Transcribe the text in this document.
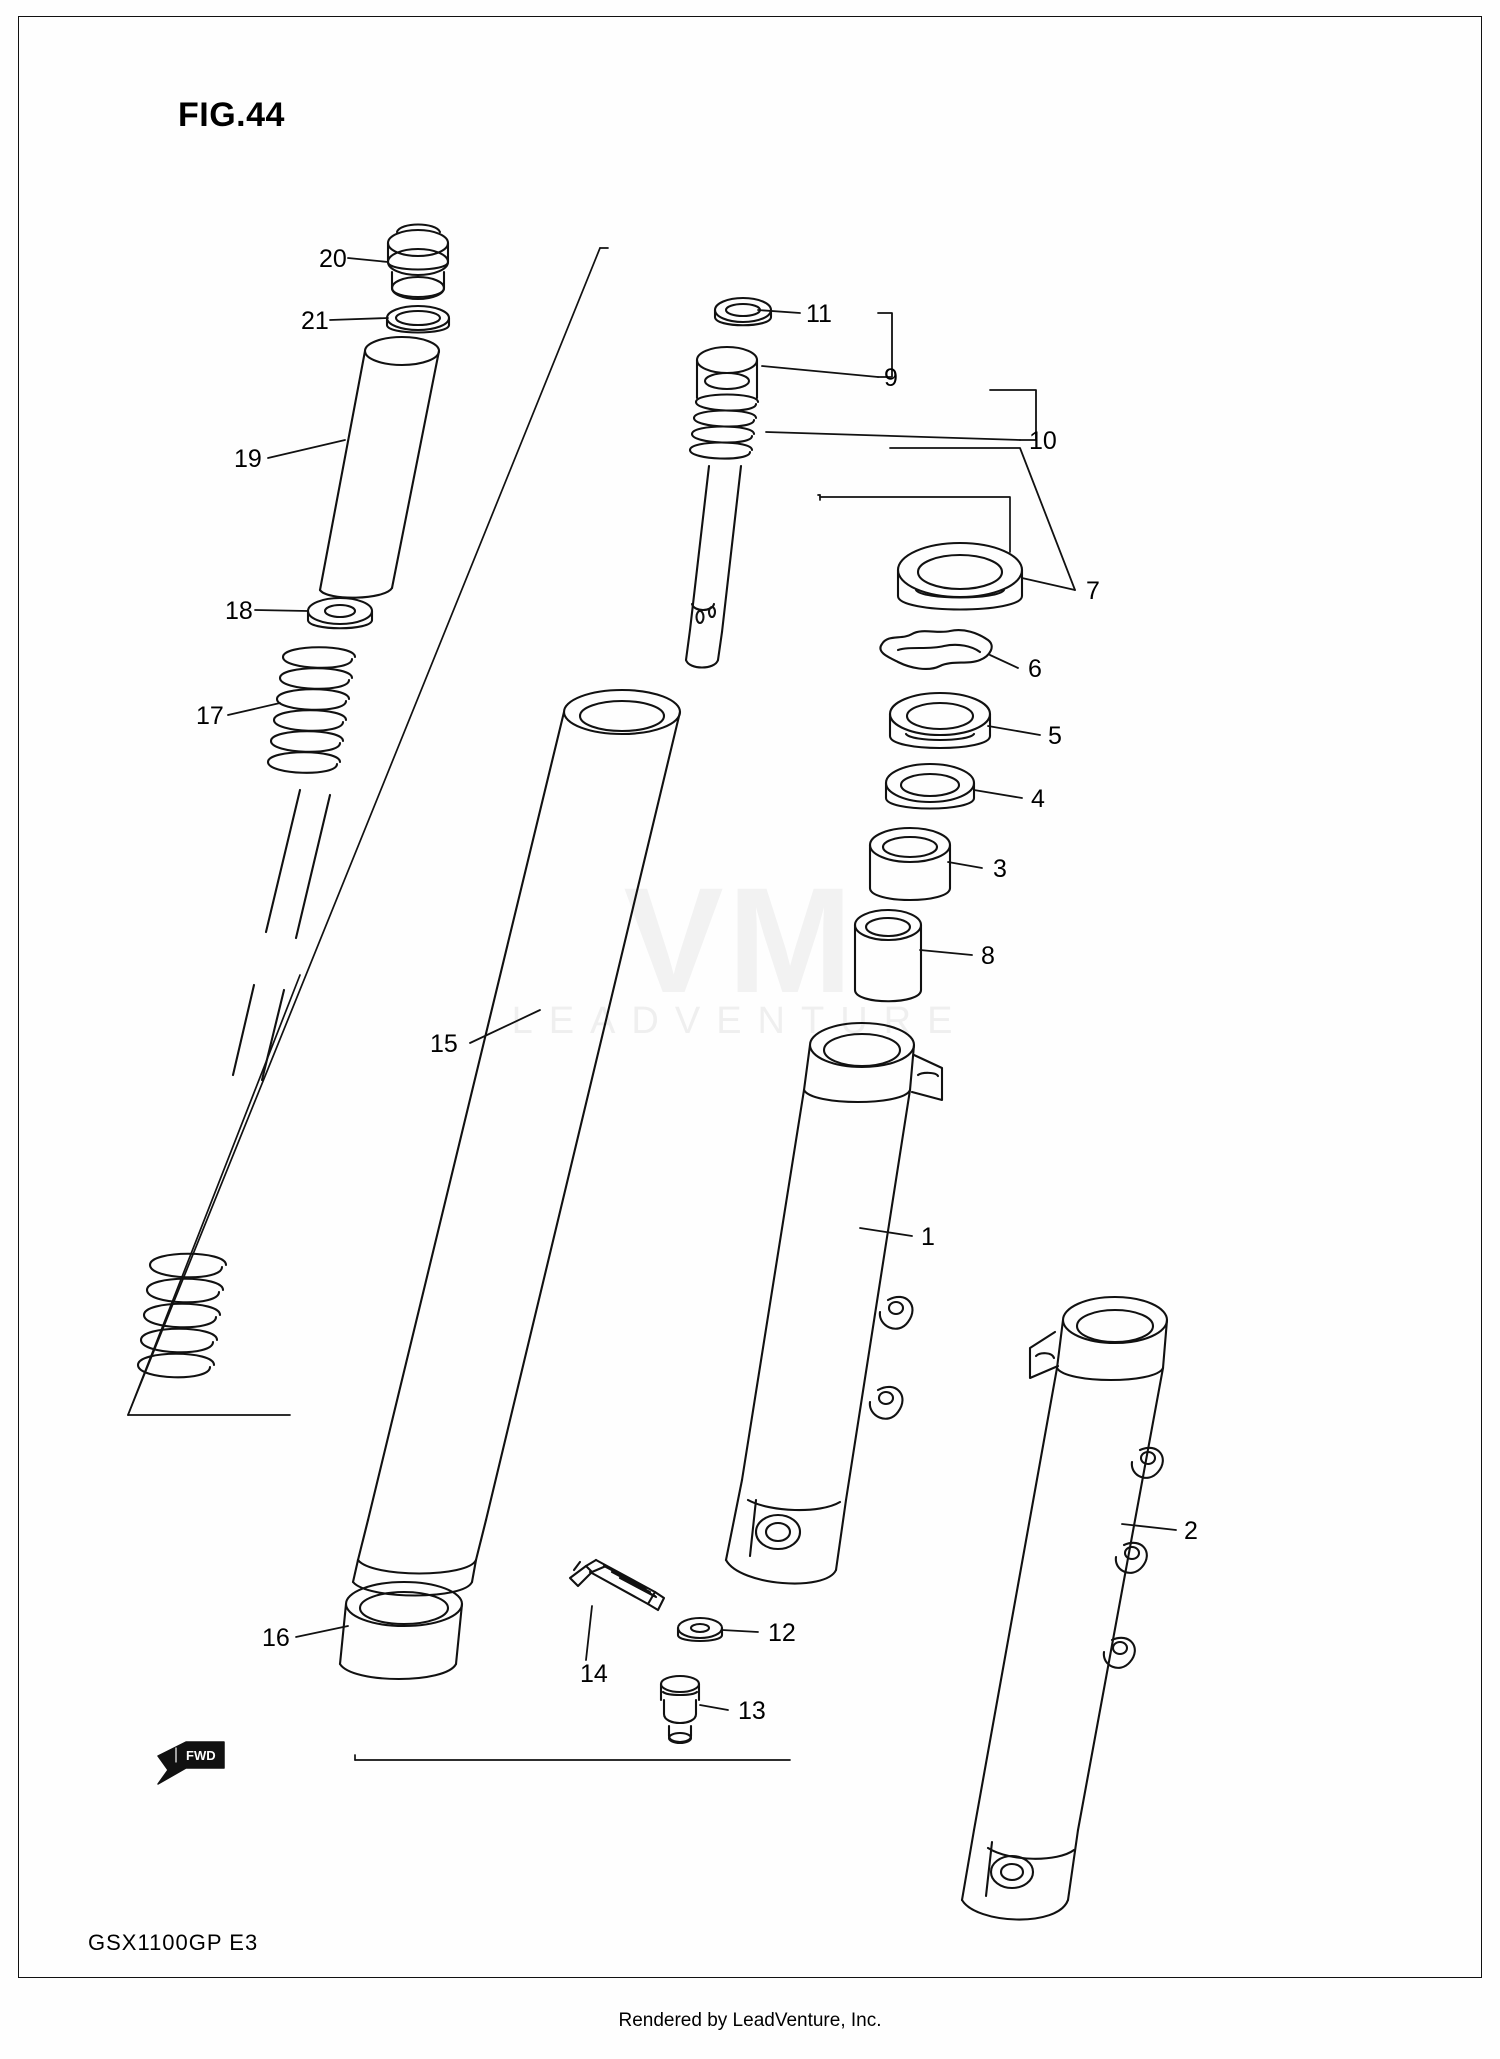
FIG.44
VM
LEADVENTURE
FWD
20
21
19
18
17
15
16
11
9
10
7
6
5
4
3
8
1
2
12
13
14
GSX1100GP E3
Rendered by LeadVenture, Inc.
